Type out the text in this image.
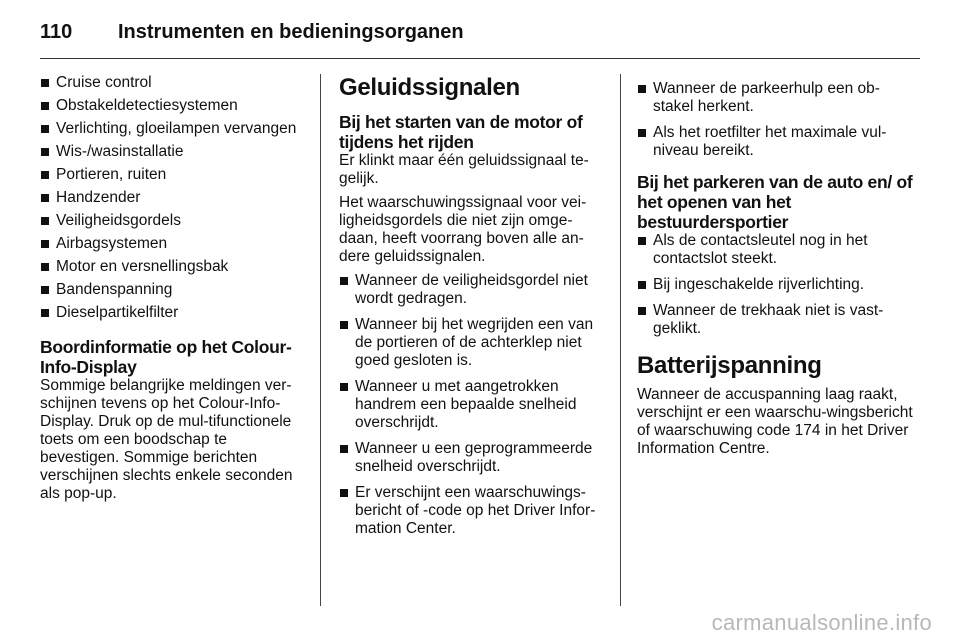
110	Instrumenten en bedieningsorganen
Cruise control
Obstakeldetectiesystemen
Verlichting, gloeilampen vervangen
Wis-/wasinstallatie
Portieren, ruiten
Handzender
Veiligheidsgordels
Airbagsystemen
Motor en versnellingsbak
Bandenspanning
Dieselpartikelfilter
Boordinformatie op het Colour-Info-Display

Sommige belangrijke meldingen ver-schijnen tevens op het Colour-Info-Display. Druk op de mul-tifunctionele toets om een boodschap te bevestigen. Sommige berichten verschijnen slechts enkele seconden als pop-up.

Geluidssignalen
Bij het starten van de motor of tijdens het rijden

Er klinkt maar één geluidssignaal te-gelijk.

Het waarschuwingssignaal voor vei-ligheidsgordels die niet zijn omge-daan, heeft voorrang boven alle an-dere geluidssignalen.

Wanneer de veiligheidsgordel niet wordt gedragen.
Wanneer bij het wegrijden een van de portieren of de achterklep niet goed gesloten is.
Wanneer u met aangetrokken handrem een bepaalde snelheid overschrijdt.
Wanneer u een geprogrammeerde snelheid overschrijdt.
Er verschijnt een waarschuwings-bericht of -code op het Driver Infor-mation Center.
Wanneer de parkeerhulp een ob-stakel herkent.
Als het roetfilter het maximale vul-niveau bereikt.
Bij het parkeren van de auto en/ of het openen van het bestuurdersportier
Als de contactsleutel nog in het contactslot steekt.
Bij ingeschakelde rijverlichting.
Wanneer de trekhaak niet is vast-geklikt.
Batterijspanning

Wanneer de accuspanning laag raakt, verschijnt er een waarschu-wingsbericht of waarschuwing code 174 in het Driver Information Centre.

carmanualsonline.info
